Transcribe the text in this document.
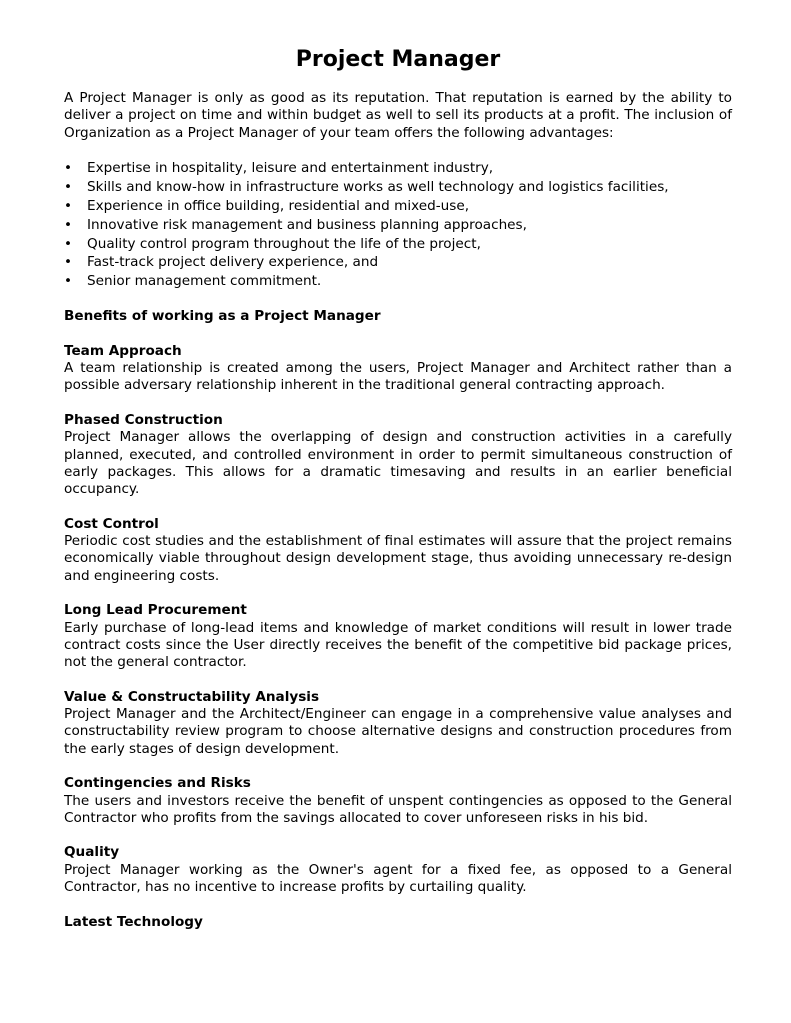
Project Manager

A Project Manager is only as good as its reputation. That reputation is earned by the ability to deliver a project on time and within budget as well to sell its products at a profit. The inclusion of Organization as a Project Manager of your team offers the following advantages:

• Expertise in hospitality, leisure and entertainment industry,
• Skills and know-how in infrastructure works as well technology and logistics facilities,
• Experience in office building, residential and mixed-use,
• Innovative risk management and business planning approaches,
• Quality control program throughout the life of the project,
• Fast-track project delivery experience, and
• Senior management commitment.
Benefits of working as a Project Manager
Team Approach

A team relationship is created among the users, Project Manager and Architect rather than a possible adversary relationship inherent in the traditional general contracting approach.

Phased Construction

Project Manager allows the overlapping of design and construction activities in a carefully planned, executed, and controlled environment in order to permit simultaneous construction of early packages. This allows for a dramatic timesaving and results in an earlier beneficial occupancy.

Cost Control

Periodic cost studies and the establishment of final estimates will assure that the project remains economically viable throughout design development stage, thus avoiding unnecessary re-design and engineering costs.

Long Lead Procurement

Early purchase of long-lead items and knowledge of market conditions will result in lower trade contract costs since the User directly receives the benefit of the competitive bid package prices, not the general contractor.

Value & Constructability Analysis

Project Manager and the Architect/Engineer can engage in a comprehensive value analyses and constructability review program to choose alternative designs and construction procedures from the early stages of design development.

Contingencies and Risks

The users and investors receive the benefit of unspent contingencies as opposed to the General Contractor who profits from the savings allocated to cover unforeseen risks in his bid.

Quality

Project Manager working as the Owner's agent for a fixed fee, as opposed to a General Contractor, has no incentive to increase profits by curtailing quality.

Latest Technology
